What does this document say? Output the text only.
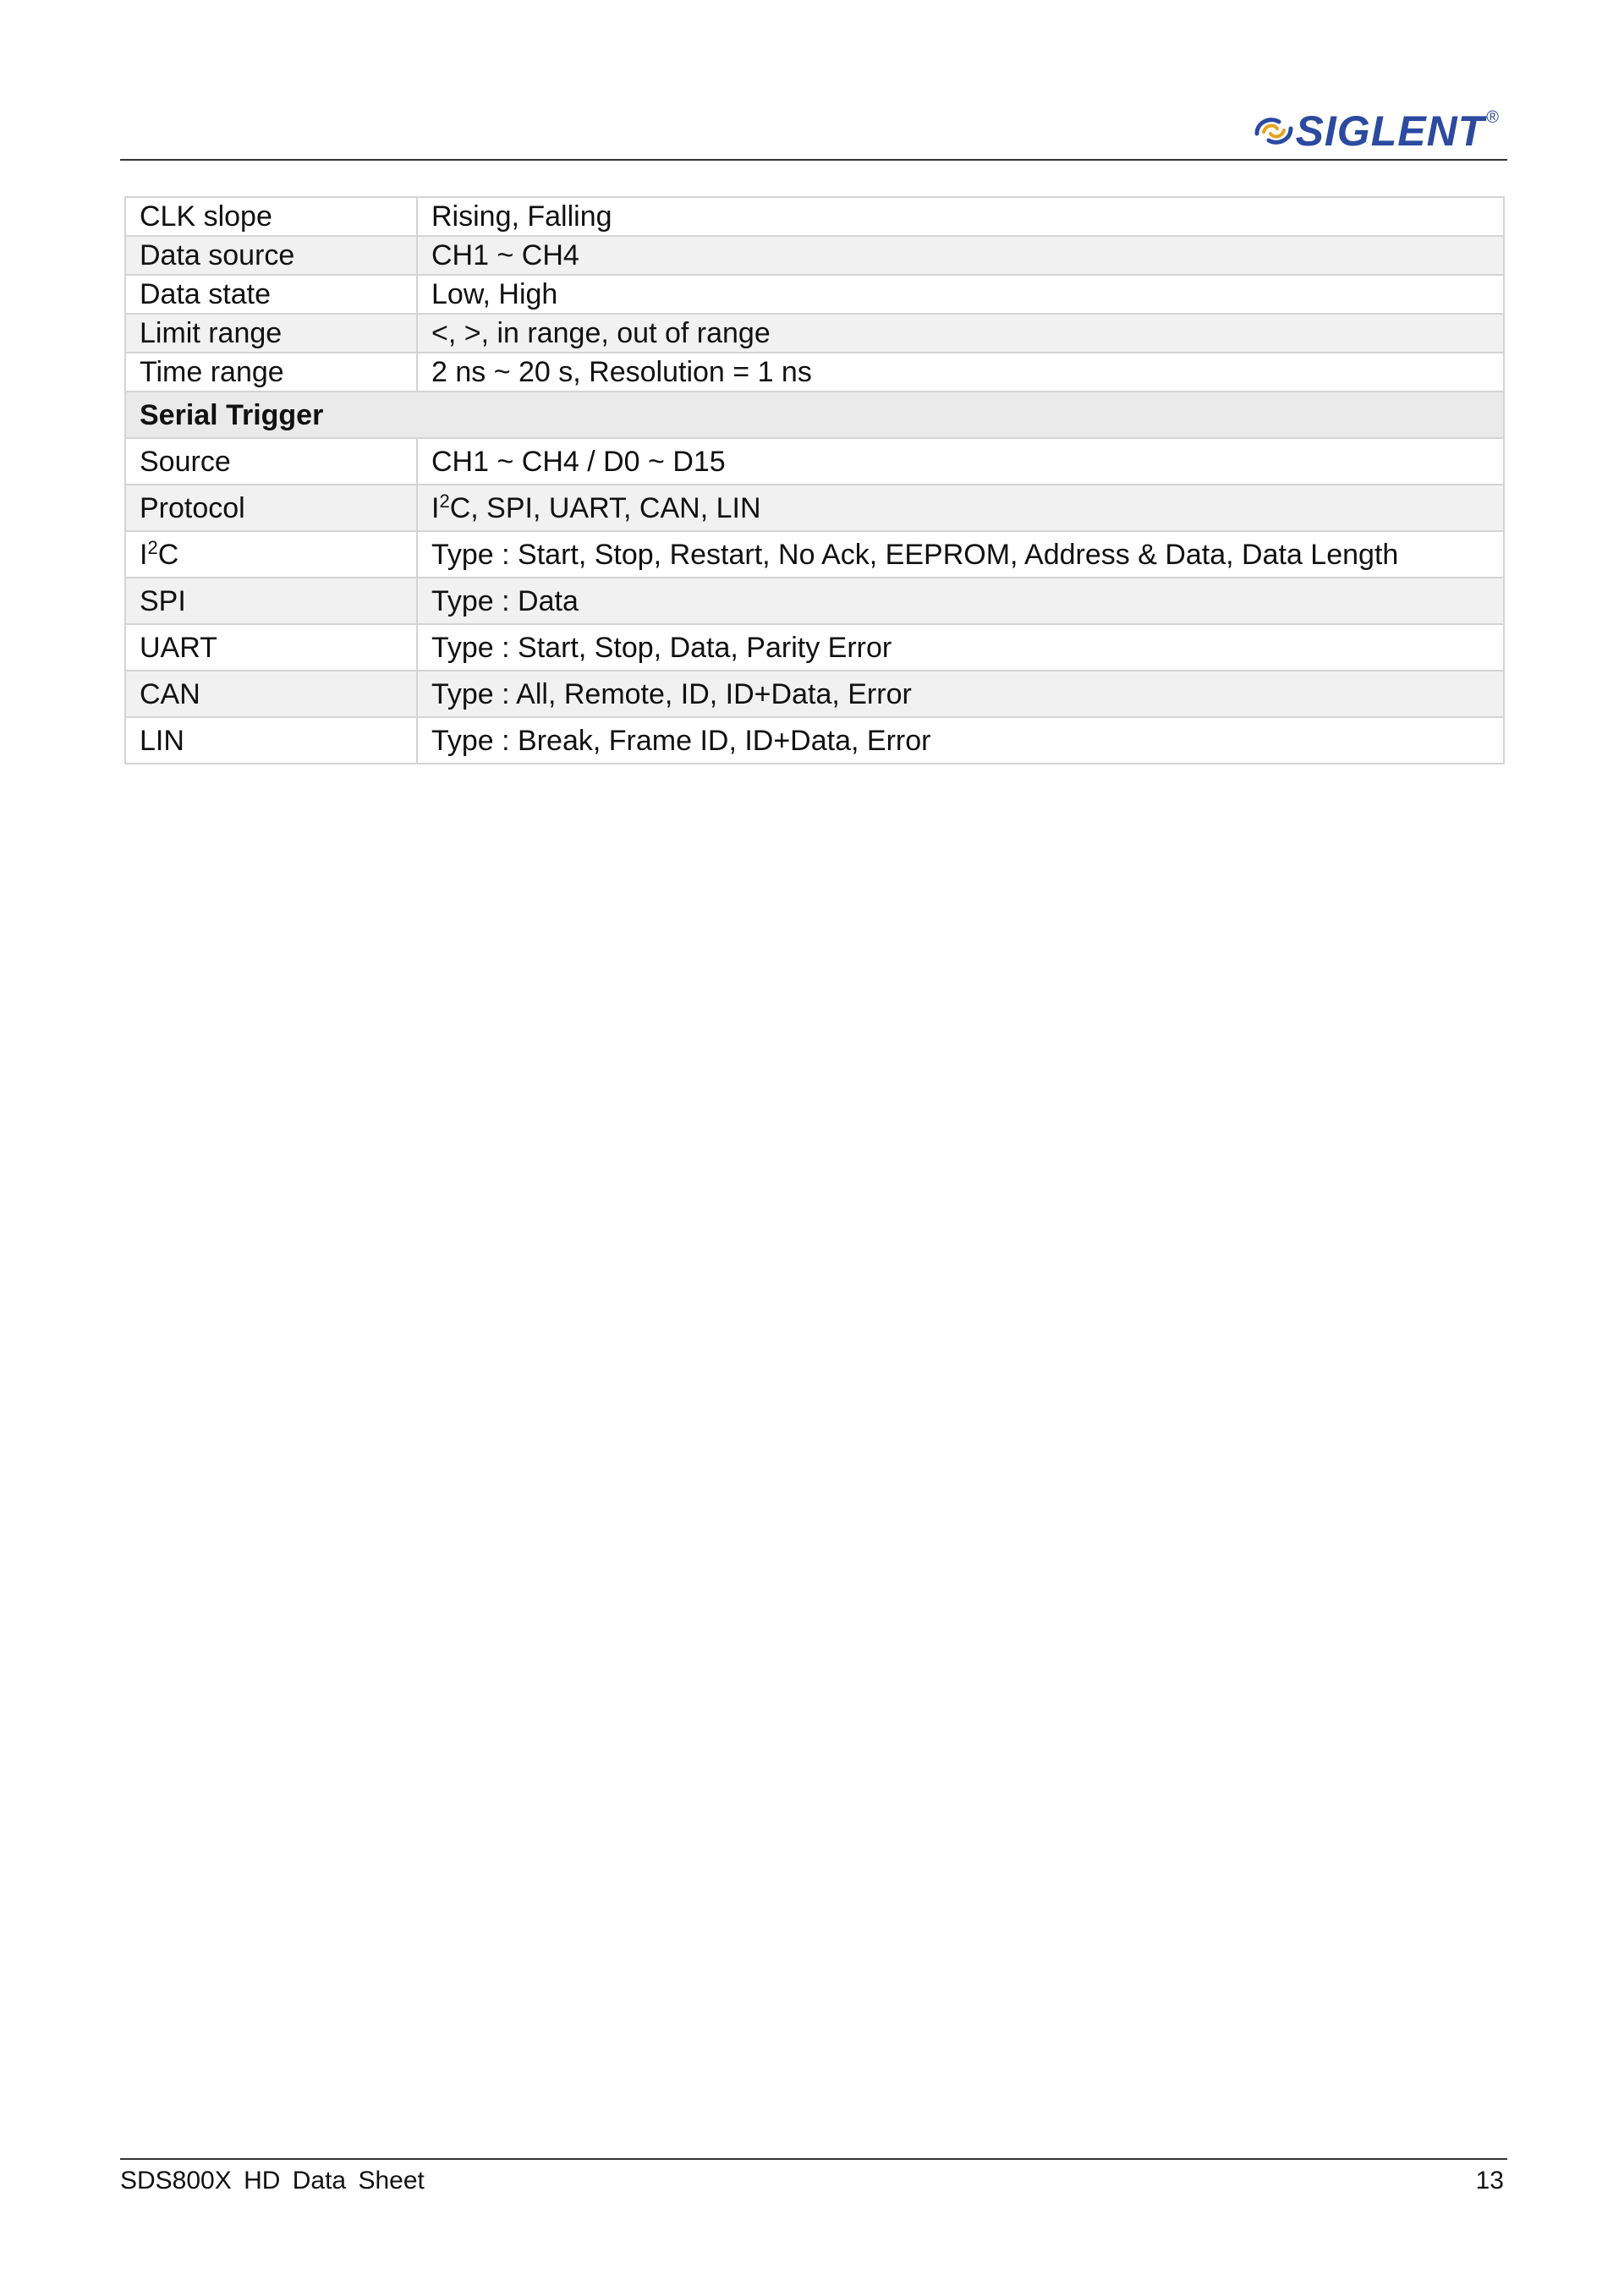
SIGLENT ®
CLK slope	Rising, Falling
Data source	CH1 ~ CH4
Data state	Low, High
Limit range	<, >, in range, out of range
Time range	2 ns ~ 20 s, Resolution = 1 ns
Serial Trigger	
Source	CH1 ~ CH4 / D0 ~ D15
Protocol	$I^2C$, SPI, UART, CAN, LIN
$I^2C$	Type : Start, Stop, Restart, No Ack, EEPROM, Address & Data, Data Length
SPI	Type : Data
UART	Type : Start, Stop, Data, Parity Error
CAN	Type : All, Remote, ID, ID+Data, Error
LIN	Type : Break, Frame ID, ID+Data, Error
SDS800X HD Data Sheet	13
